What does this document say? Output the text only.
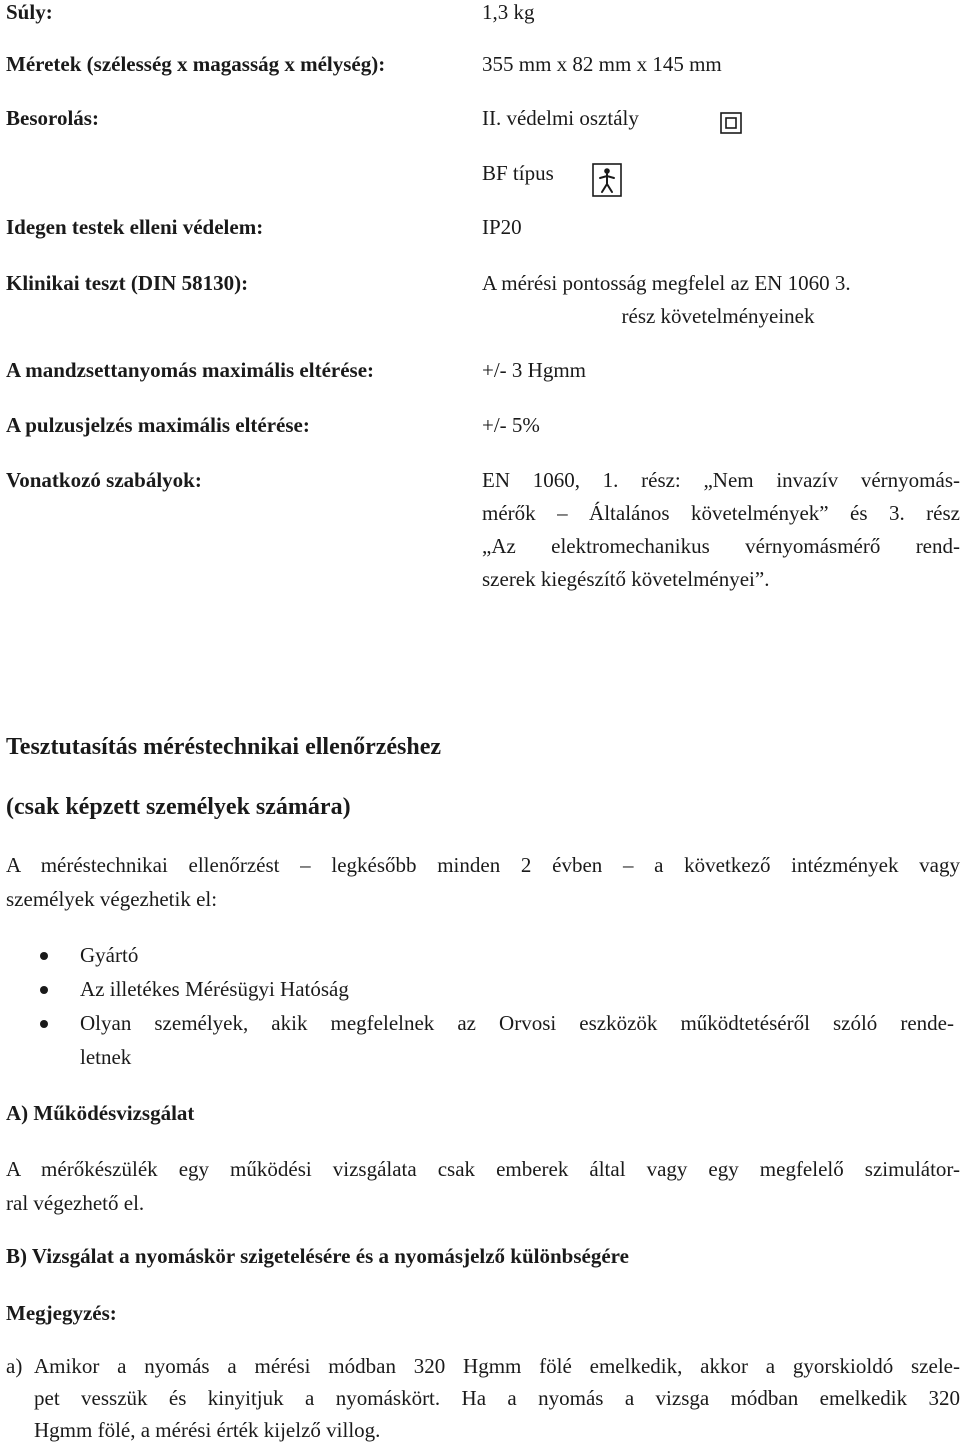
Súly:	1,3 kg
Méretek (szélesség x magasság x mélység):	355 mm x 82 mm x 145 mm
Besorolás:	II. védelmi osztály
BF típus
Idegen testek elleni védelem:	IP20
Klinikai teszt (DIN 58130):	A mérési pontosság megfelel az EN 1060 3.
rész követelményeinek
A mandzsettanyomás maximális eltérése:	+/- 3 Hgmm
A pulzusjelzés maximális eltérése:	+/- 5%
Vonatkozó szabályok:	EN 1060, 1. rész: „Nem invazív vérnyomás-
mérők – Általános követelmények” és 3. rész
„Az elektromechanikus vérnyomásmérő rend-
szerek kiegészítő követelményei”.
Tesztutasítás méréstechnikai ellenőrzéshez
(csak képzett személyek számára)
A méréstechnikai ellenőrzést – legkésőbb minden 2 évben – a következő intézmények vagy
személyek végezhetik el:
Gyártó
Az illetékes Mérésügyi Hatóság
Olyan személyek, akik megfelelnek az Orvosi eszközök működtetéséről szóló rende-
letnek
A) Működésvizsgálat
A mérőkészülék egy működési vizsgálata csak emberek által vagy egy megfelelő szimulátor-
ral végezhető el.
B) Vizsgálat a nyomáskör szigetelésére és a nyomásjelző különbségére
Megjegyzés:
a) Amikor a nyomás a mérési módban 320 Hgmm fölé emelkedik, akkor a gyorskioldó szele-
pet vesszük és kinyitjuk a nyomáskört. Ha a nyomás a vizsga módban emelkedik 320
Hgmm fölé, a mérési érték kijelző villog.
